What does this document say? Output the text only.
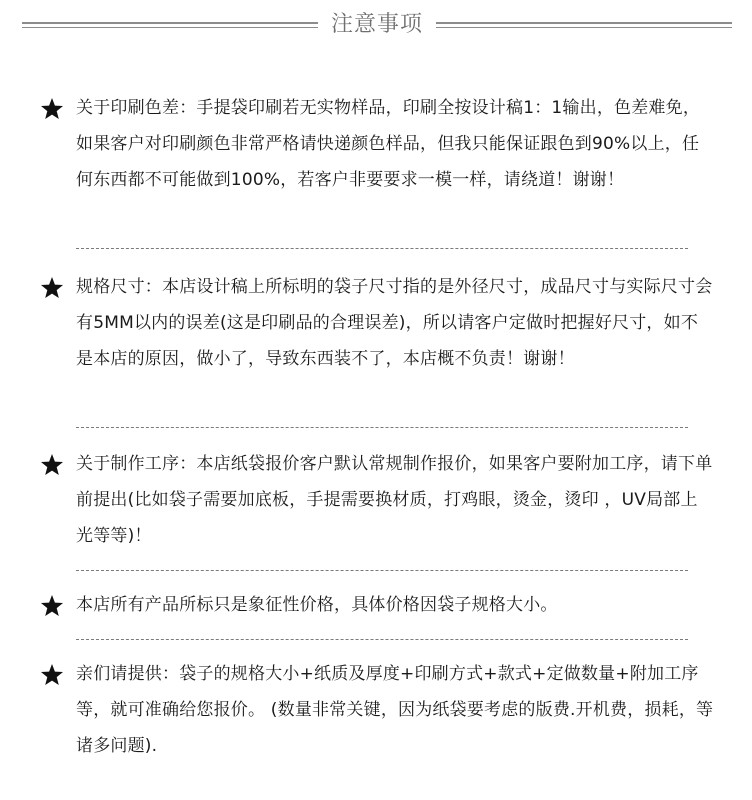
注意事项
关于印刷色差：手提袋印刷若无实物样品，印刷全按设计稿1：1输出，色差难免，如果客户对印刷颜色非常严格请快递颜色样品，但我只能保证跟色到90%以上，任何东西都不可能做到100%，若客户非要要求一模一样，请绕道！谢谢！
规格尺寸：本店设计稿上所标明的袋子尺寸指的是外径尺寸，成品尺寸与实际尺寸会有5MM以内的误差(这是印刷品的合理误差)，所以请客户定做时把握好尺寸，如不是本店的原因，做小了，导致东西装不了，本店概不负责！谢谢！
关于制作工序：本店纸袋报价客户默认常规制作报价，如果客户要附加工序，请下单前提出(比如袋子需要加底板，手提需要换材质，打鸡眼，烫金，烫印 ，UV局部上光等等)！
本店所有产品所标只是象征性价格，具体价格因袋子规格大小。
亲们请提供：袋子的规格大小+纸质及厚度+印刷方式+款式+定做数量+附加工序等，就可准确给您报价。 (数量非常关键，因为纸袋要考虑的版费.开机费，损耗，等诸多问题).
